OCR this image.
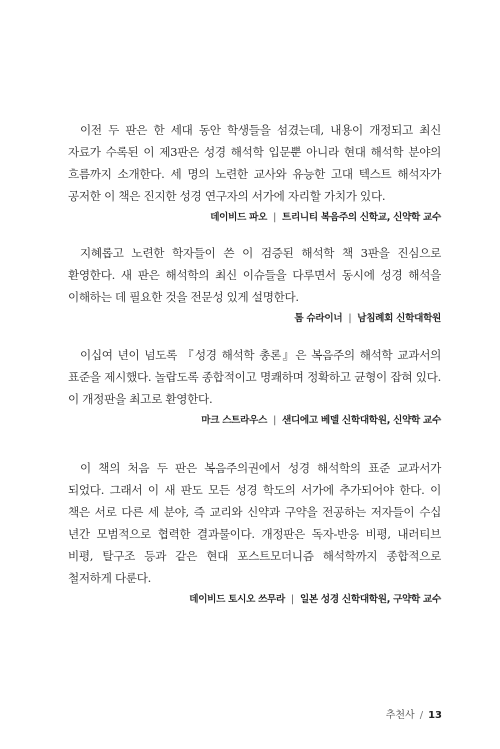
이전 두 판은 한 세대 동안 학생들을 섬겼는데, 내용이 개정되고 최신 자료가 수록된 이 제3판은 성경 해석학 입문뿐 아니라 현대 해석학 분야의 흐름까지 소개한다. 세 명의 노련한 교사와 유능한 고대 텍스트 해석자가 공저한 이 책은 진지한 성경 연구자의 서가에 자리할 가치가 있다.

데이비드 파오 | 트리니티 복음주의 신학교, 신약학 교수

지혜롭고 노련한 학자들이 쓴 이 검증된 해석학 책 3판을 진심으로 환영한다. 새 판은 해석학의 최신 이슈들을 다루면서 동시에 성경 해석을 이해하는 데 필요한 것을 전문성 있게 설명한다.

톰 슈라이너 | 남침례회 신학대학원

이십여 년이 넘도록 『성경 해석학 총론』은 복음주의 해석학 교과서의 표준을 제시했다. 놀랍도록 종합적이고 명쾌하며 정확하고 균형이 잡혀 있다. 이 개정판을 최고로 환영한다.

마크 스트라우스 | 샌디에고 베델 신학대학원, 신약학 교수

이 책의 처음 두 판은 복음주의권에서 성경 해석학의 표준 교과서가 되었다. 그래서 이 새 판도 모든 성경 학도의 서가에 추가되어야 한다. 이 책은 서로 다른 세 분야, 즉 교리와 신약과 구약을 전공하는 저자들이 수십 년간 모범적으로 협력한 결과물이다. 개정판은 독자-반응 비평, 내러티브 비평, 탈구조 등과 같은 현대 포스트모더니즘 해석학까지 종합적으로 철저하게 다룬다.

데이비드 토시오 쓰무라 | 일본 성경 신학대학원, 구약학 교수

추천사 / 13
